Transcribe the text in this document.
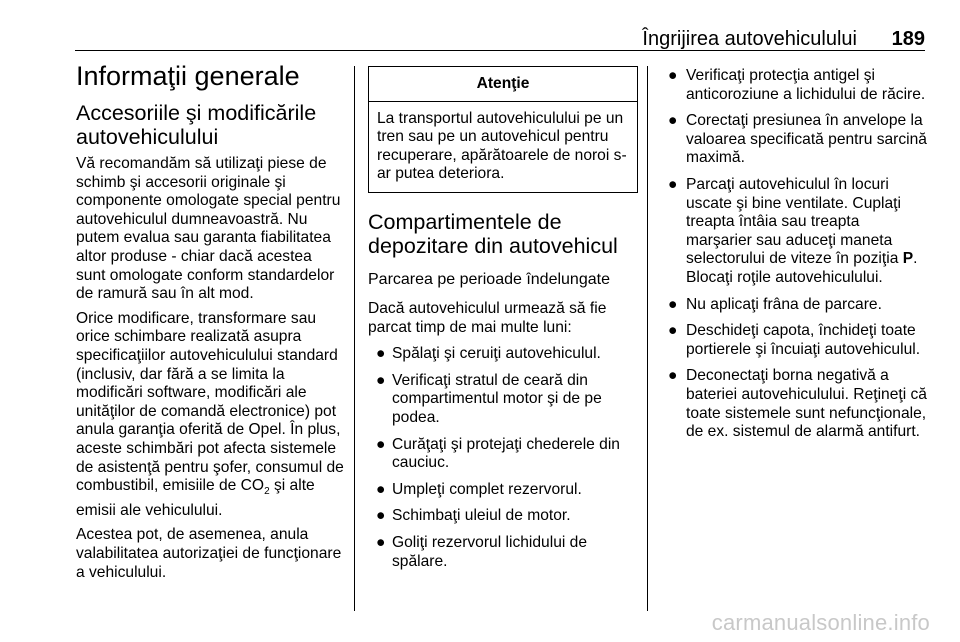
Îngrijirea autovehiculului 189
Informaţii generale
Accesoriile şi modificările autovehiculului

Vă recomandăm să utilizaţi piese de schimb şi accesorii originale şi componente omologate special pentru autovehiculul dumneavoastră. Nu putem evalua sau garanta fiabilitatea altor produse - chiar dacă acestea sunt omologate conform standardelor de ramură sau în alt mod.

Orice modificare, transformare sau orice schimbare realizată asupra specificaţiilor autovehiculului standard (inclusiv, dar fără a se limita la modificări software, modificări ale unităţilor de comandă electronice) pot anula garanţia oferită de Opel. În plus, aceste schimbări pot afecta sistemele de asistenţă pentru şofer, consumul de combustibil, emisiile de $CO_2$ şi alte emisii ale vehiculului.

Acestea pot, de asemenea, anula valabilitatea autorizaţiei de funcţionare a vehiculului.

Atenţie
La transportul autovehiculului pe un tren sau pe un autovehicul pentru recuperare, apărătoarele de noroi s-ar putea deteriora.
Compartimentele de depozitare din autovehicul
Parcarea pe perioade îndelungate

Dacă autovehiculul urmează să fie parcat timp de mai multe luni:

● Spălaţi şi ceruiţi autovehiculul.
● Verificaţi stratul de ceară din compartimentul motor şi de pe podea.
● Curăţaţi şi protejaţi chederele din cauciuc.
● Umpleţi complet rezervorul.
● Schimbaţi uleiul de motor.
● Goliţi rezervorul lichidului de spălare.
● Verificaţi protecţia antigel şi anticoroziune a lichidului de răcire.
● Corectaţi presiunea în anvelope la valoarea specificată pentru sarcină maximă.
● Parcaţi autovehiculul în locuri uscate şi bine ventilate. Cuplaţi treapta întâia sau treapta marşarier sau aduceţi maneta selectorului de viteze în poziţia P. Blocaţi roţile autovehiculului.
● Nu aplicaţi frâna de parcare.
● Deschideţi capota, închideţi toate portierele şi încuiaţi autovehiculul.
● Deconectaţi borna negativă a bateriei autovehiculului. Reţineţi că toate sistemele sunt nefuncţionale, de ex. sistemul de alarmă antifurt.
carmanualsonline.info
